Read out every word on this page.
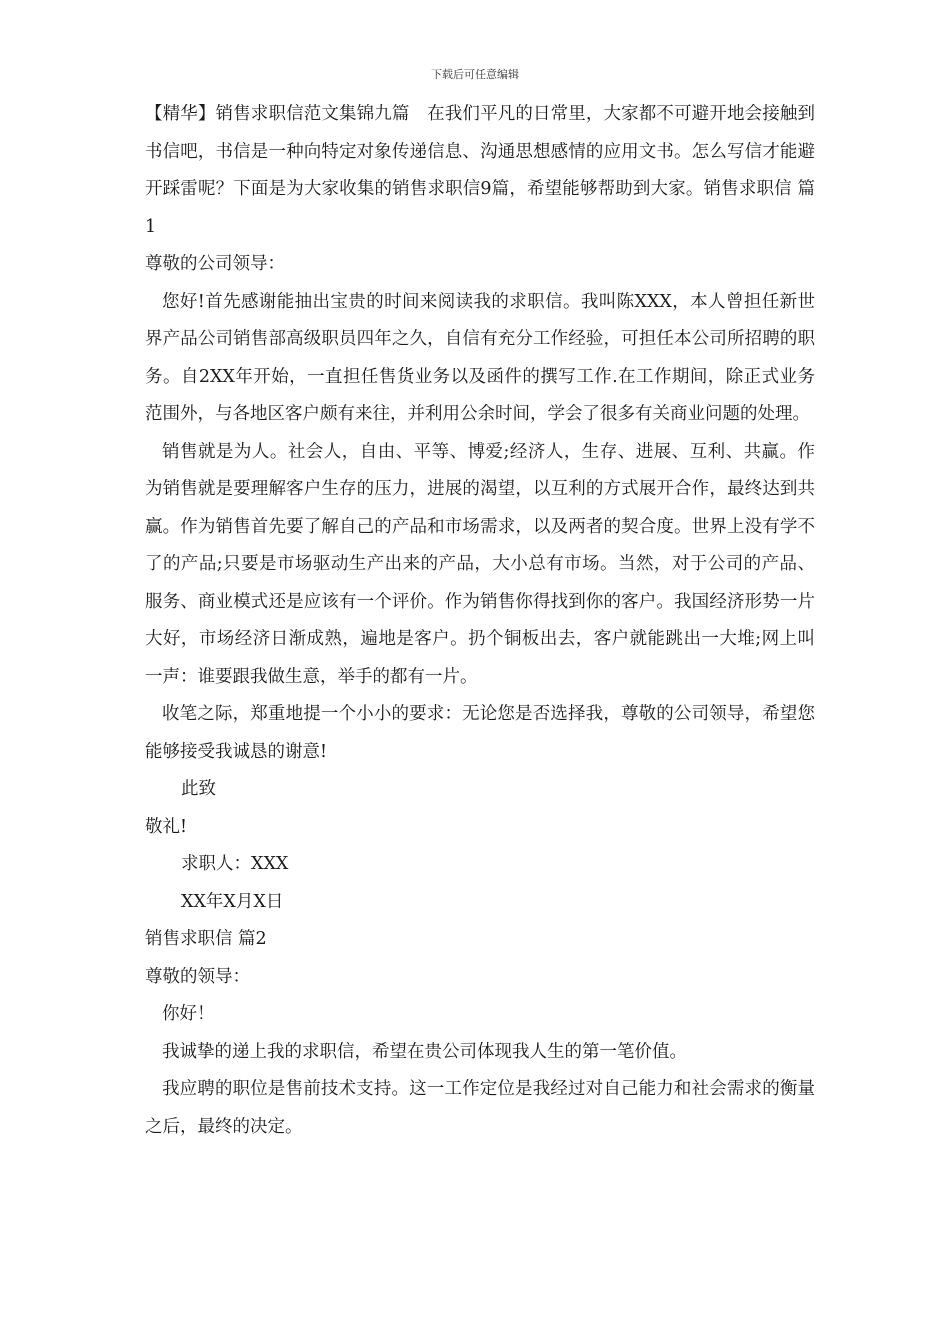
下载后可任意编辑

【精华】销售求职信范文集锦九篇　在我们平凡的日常里，大家都不可避开地会接触到书信吧，书信是一种向特定对象传递信息、沟通思想感情的应用文书。怎么写信才能避开踩雷呢？下面是为大家收集的销售求职信9篇，希望能够帮助到大家。销售求职信 篇1

尊敬的公司领导：

您好!首先感谢能抽出宝贵的时间来阅读我的求职信。我叫陈XXX，本人曾担任新世界产品公司销售部高级职员四年之久，自信有充分工作经验，可担任本公司所招聘的职务。自2XX年开始，一直担任售货业务以及函件的撰写工作.在工作期间，除正式业务范围外，与各地区客户颇有来往，并利用公余时间，学会了很多有关商业问题的处理。

销售就是为人。社会人，自由、平等、博爱;经济人，生存、进展、互利、共赢。作为销售就是要理解客户生存的压力，进展的渴望，以互利的方式展开合作，最终达到共赢。作为销售首先要了解自己的产品和市场需求，以及两者的契合度。世界上没有学不了的产品;只要是市场驱动生产出来的产品，大小总有市场。当然，对于公司的产品、服务、商业模式还是应该有一个评价。作为销售你得找到你的客户。我国经济形势一片大好，市场经济日渐成熟，遍地是客户。扔个铜板出去，客户就能跳出一大堆;网上叫一声：谁要跟我做生意，举手的都有一片。

收笔之际，郑重地提一个小小的要求：无论您是否选择我，尊敬的公司领导，希望您能够接受我诚恳的谢意!

此致

敬礼!

求职人：XXX

XX年X月X日

销售求职信 篇2

尊敬的领导：

你好！

我诚挚的递上我的求职信，希望在贵公司体现我人生的第一笔价值。

我应聘的职位是售前技术支持。这一工作定位是我经过对自己能力和社会需求的衡量之后，最终的决定。
